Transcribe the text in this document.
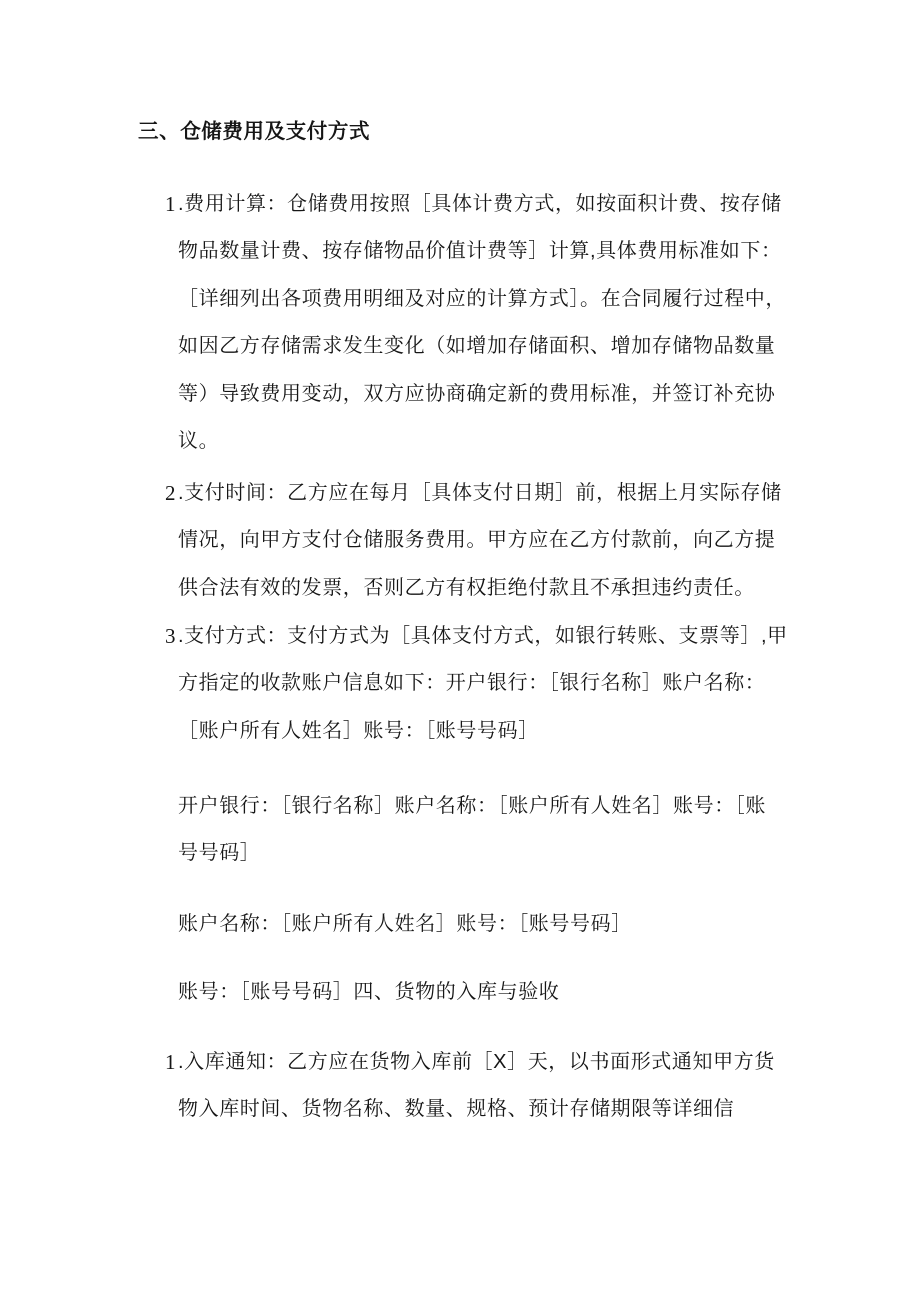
三、仓储费用及支付方式
1 .费用计算：仓储费用按照［具体计费方式，如按面积计费、按存储
物品数量计费、按存储物品价值计费等］计算,具体费用标准如下：
［详细列出各项费用明细及对应的计算方式］。在合同履行过程中，
如因乙方存储需求发生变化（如增加存储面积、增加存储物品数量
等）导致费用变动，双方应协商确定新的费用标准，并签订补充协
议。
2 .支付时间：乙方应在每月［具体支付日期］前，根据上月实际存储
情况，向甲方支付仓储服务费用。甲方应在乙方付款前，向乙方提
供合法有效的发票，否则乙方有权拒绝付款且不承担违约责任。
3 .支付方式：支付方式为［具体支付方式，如银行转账、支票等］,甲
方指定的收款账户信息如下：开户银行：［银行名称］账户名称：
［账户所有人姓名］账号：［账号号码］
开户银行：［银行名称］账户名称：［账户所有人姓名］账号：［账
号号码］
账户名称：［账户所有人姓名］账号：［账号号码］
账号：［账号号码］四、货物的入库与验收
1 .入库通知：乙方应在货物入库前［X］天，以书面形式通知甲方货
物入库时间、货物名称、数量、规格、预计存储期限等详细信
